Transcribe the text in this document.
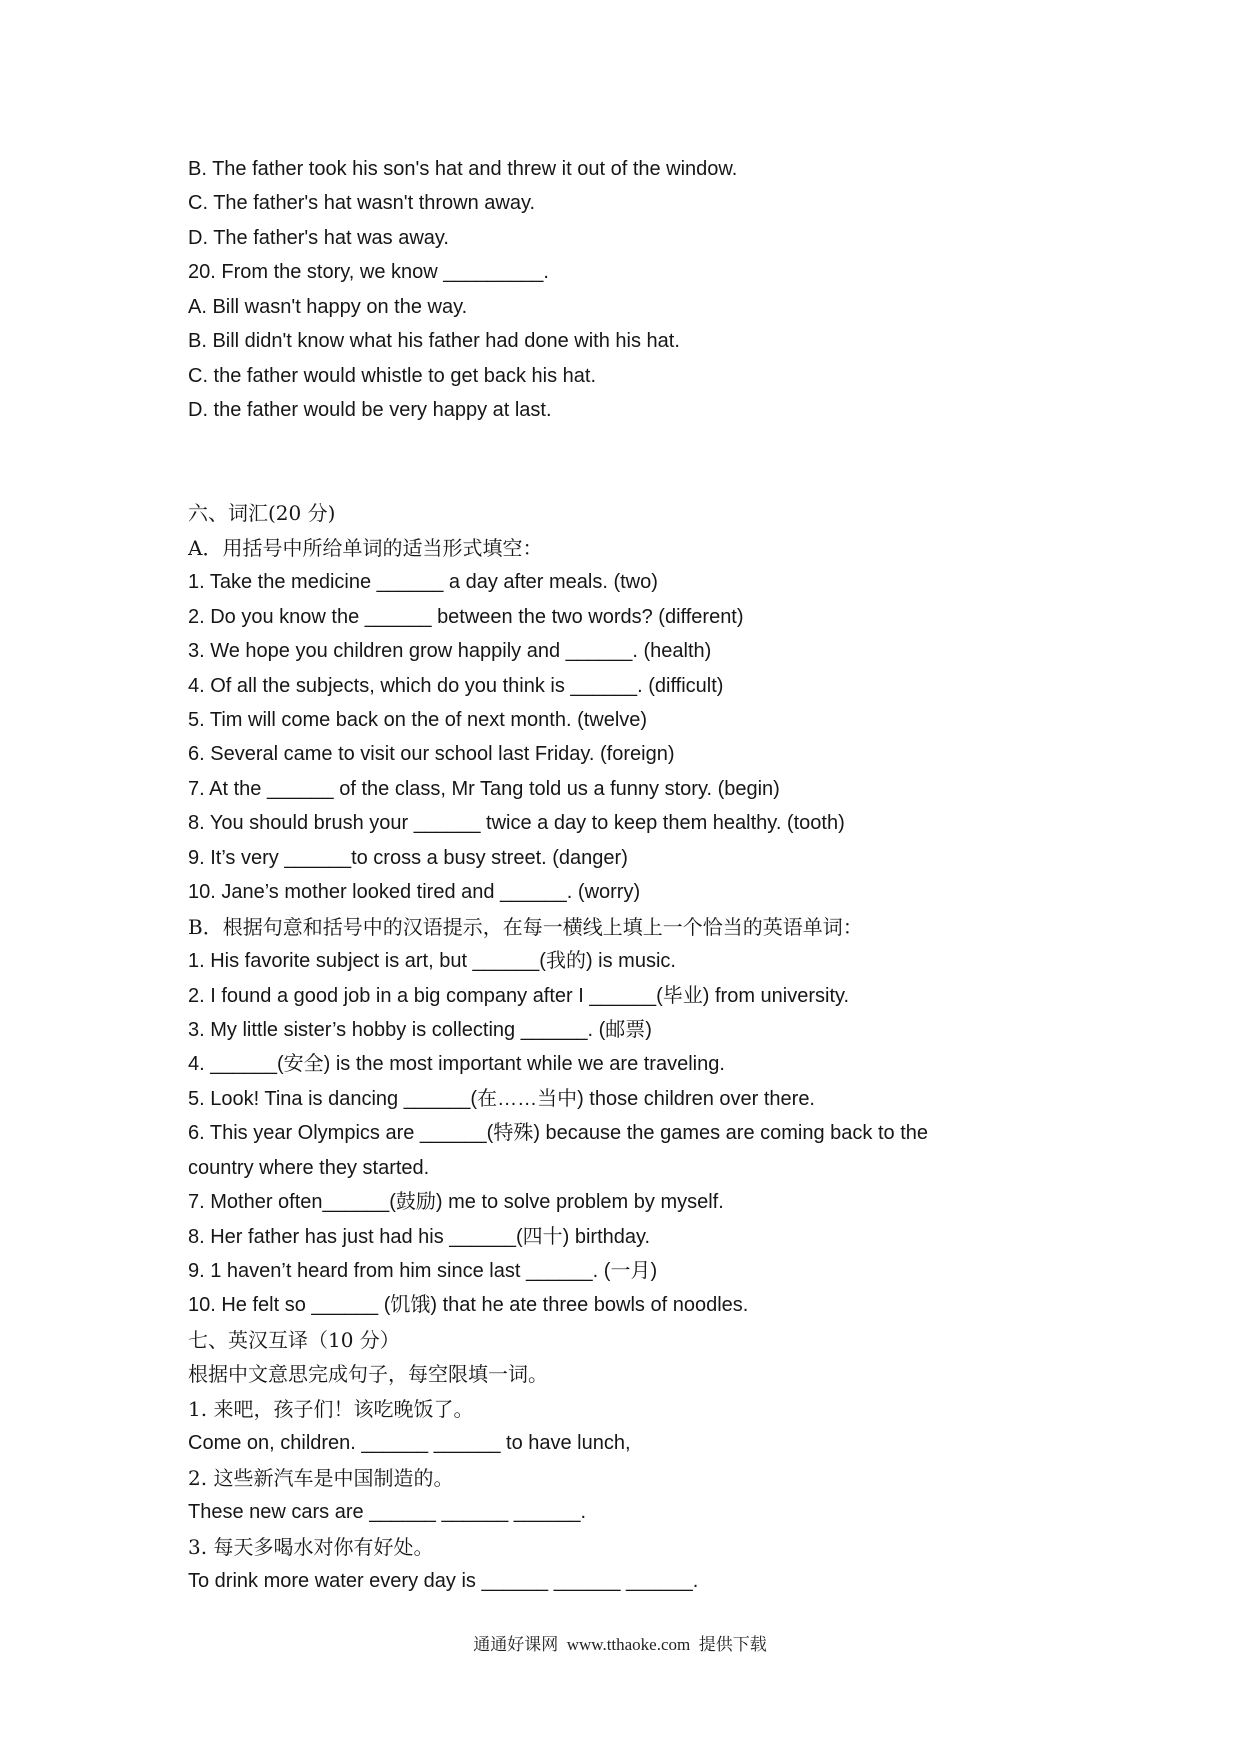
B. The father took his son's hat and threw it out of the window.
C. The father's hat wasn't thrown away.
D. The father's hat was away.
20. From the story, we know _________.
A. Bill wasn't happy on the way.
B. Bill didn't know what his father had done with his hat.
C. the father would whistle to get back his hat.
D. the father would be very happy at last.
六、词汇(20 分)
A．用括号中所给单词的适当形式填空：
1. Take the medicine ______ a day after meals. (two)
2. Do you know the ______ between the two words? (different)
3. We hope you children grow happily and ______. (health)
4. Of all the subjects, which do you think is ______. (difficult)
5. Tim will come back on the of next month. (twelve)
6. Several came to visit our school last Friday. (foreign)
7. At the ______ of the class, Mr Tang told us a funny story. (begin)
8. You should brush your ______ twice a day to keep them healthy. (tooth)
9. It’s very ______to cross a busy street. (danger)
10. Jane’s mother looked tired and ______. (worry)
B．根据句意和括号中的汉语提示，在每一横线上填上一个恰当的英语单词：
1. His favorite subject is art, but ______(我的) is music.
2. I found a good job in a big company after I ______(毕业) from university.
3. My little sister’s hobby is collecting ______. (邮票)
4. ______(安全) is the most important while we are traveling.
5. Look! Tina is dancing ______(在……当中) those children over there.
6. This year Olympics are ______(特殊) because the games are coming back to the
country where they started.
7. Mother often______(鼓励) me to solve problem by myself.
8. Her father has just had his ______(四十) birthday.
9. 1 haven’t heard from him since last ______. (一月)
10. He felt so ______ (饥饿) that he ate three bowls of noodles.
七、英汉互译（10 分）
根据中文意思完成句子，每空限填一词。
1. 来吧，孩子们！该吃晚饭了。
Come on, children. ______ ______ to have lunch,
2. 这些新汽车是中国制造的。
These new cars are ______ ______ ______.
3. 每天多喝水对你有好处。
To drink more water every day is ______ ______ ______.
通通好课网  www.tthaoke.com  提供下载
